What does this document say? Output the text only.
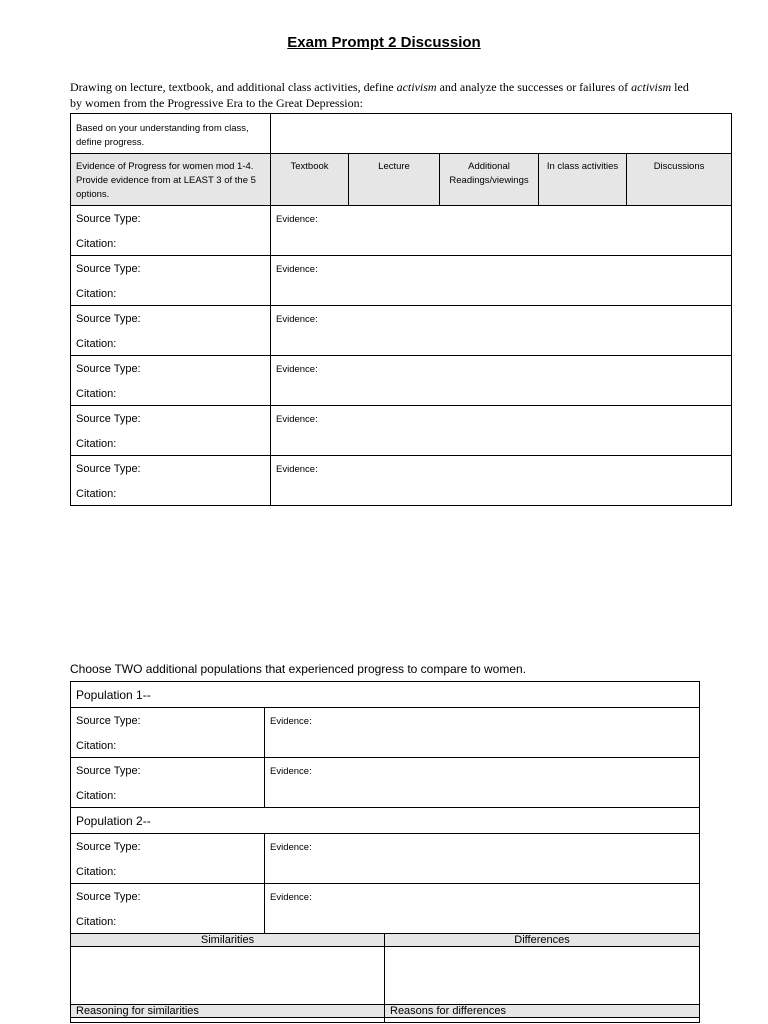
Exam Prompt 2 Discussion
Drawing on lecture, textbook, and additional class activities, define activism and analyze the successes or failures of activism led by women from the Progressive Era to the Great Depression:
Based on your understanding from class, define progress.					
Evidence of Progress for women mod 1-4. Provide evidence from at LEAST 3 of the 5 options.	Textbook	Lecture	Additional Readings/viewings	In class activities	Discussions

Source Type:
Citation:	Evidence:				

Source Type:
Citation:	Evidence:				

Source Type:
Citation:	Evidence:				

Source Type:
Citation:	Evidence:				

Source Type:
Citation:	Evidence:				

Source Type:
Citation:	Evidence:				
Choose TWO additional populations that experienced progress to compare to women.
Population 1--		

Source Type:
Citation:	Evidence:	

Source Type:
Citation:	Evidence:	
Population 2--		

Source Type:
Citation:	Evidence:	

Source Type:
Citation:	Evidence:	
Similarities		Differences

Reasoning for similarities		Reasons for differences
